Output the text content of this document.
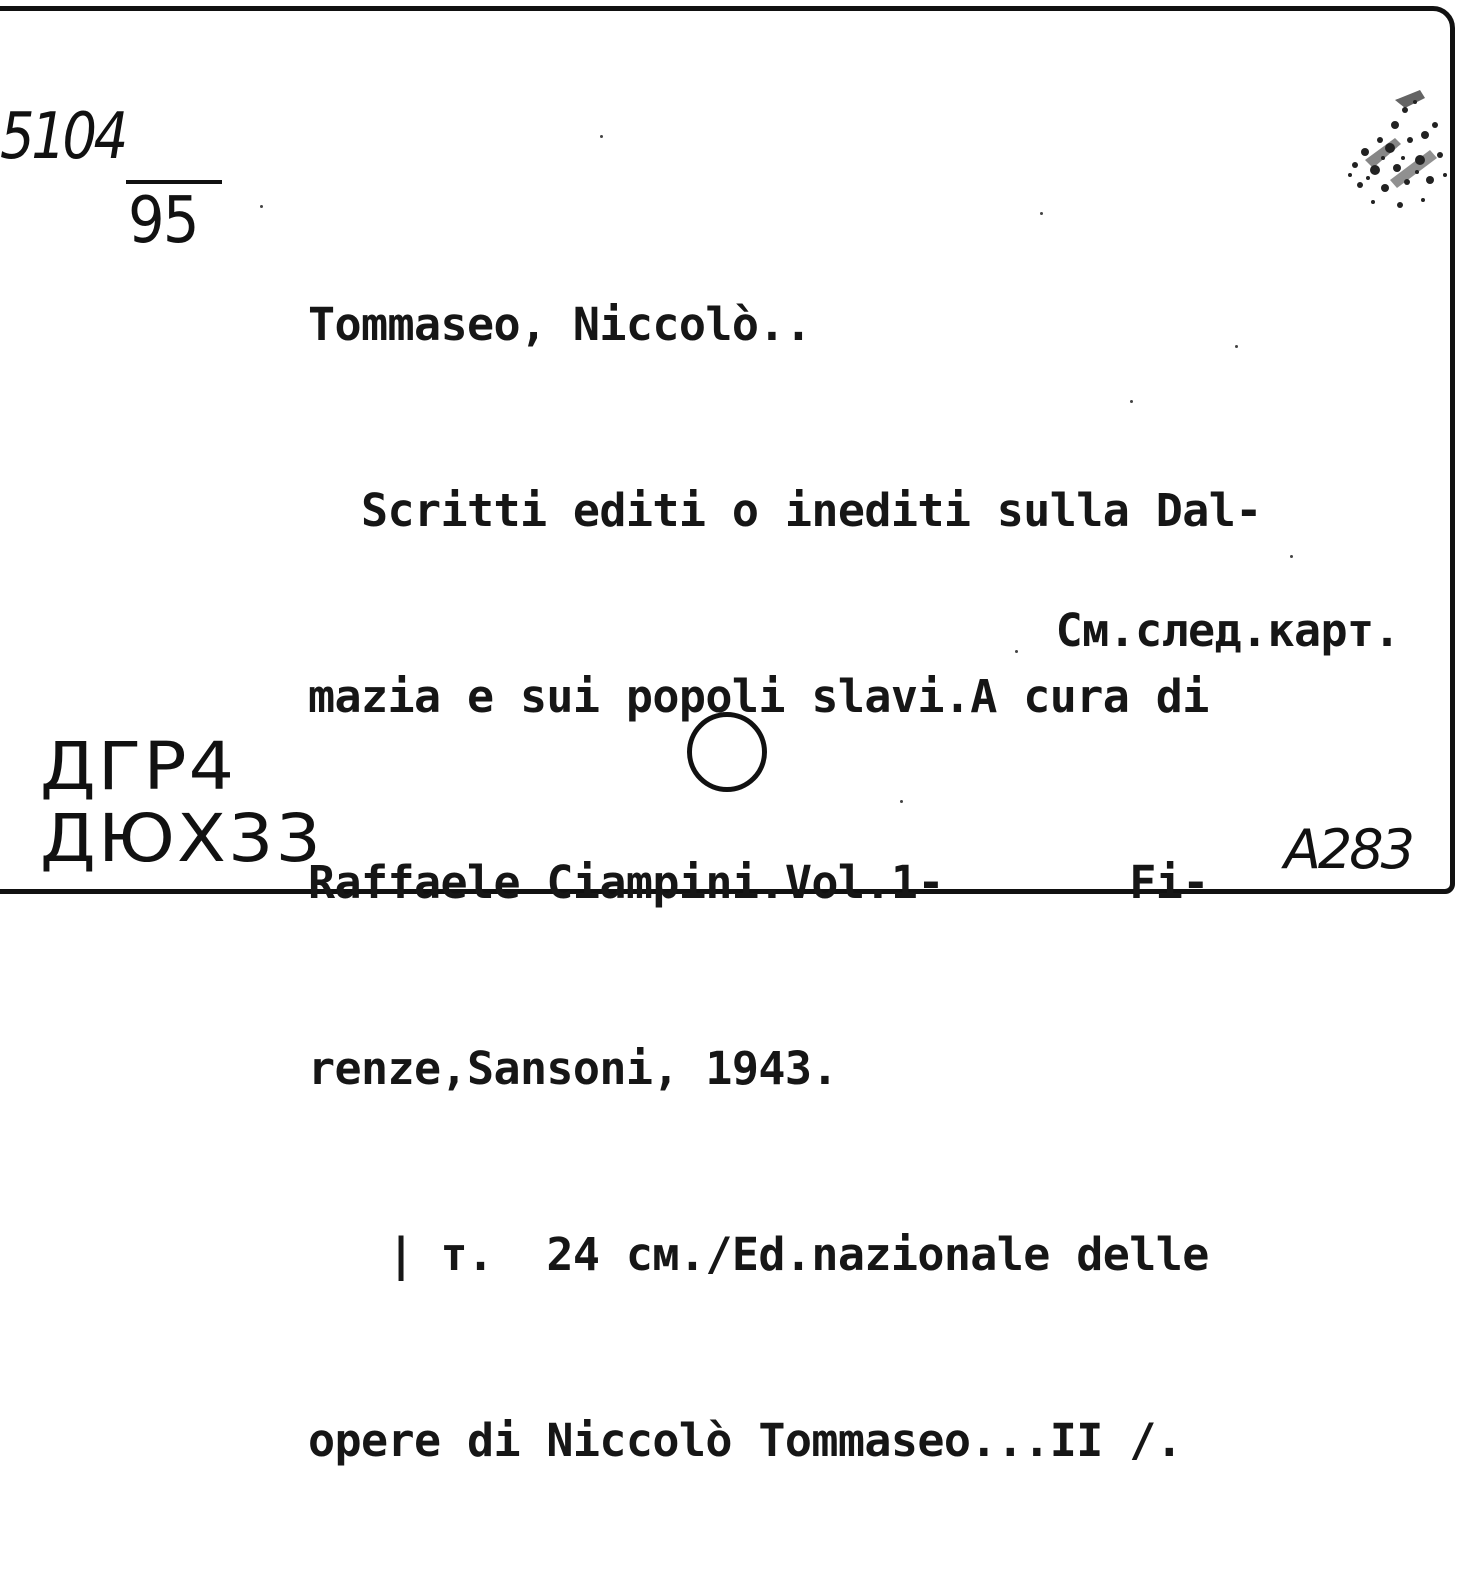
5104
95

Tommaseo, Niccolò..

Scritti editi o inediti sulla Dal-

mazia e sui popoli slavi.A cura di

Raffaele Ciampini.Vol.1-       Fi-

renze,Sansoni, 1943.

| т.  24 см./Ed.nazionale delle

opere di Niccolò Tommaseo...II /.

См.след.карт.
ДГР4
ДЮХ33	А283
